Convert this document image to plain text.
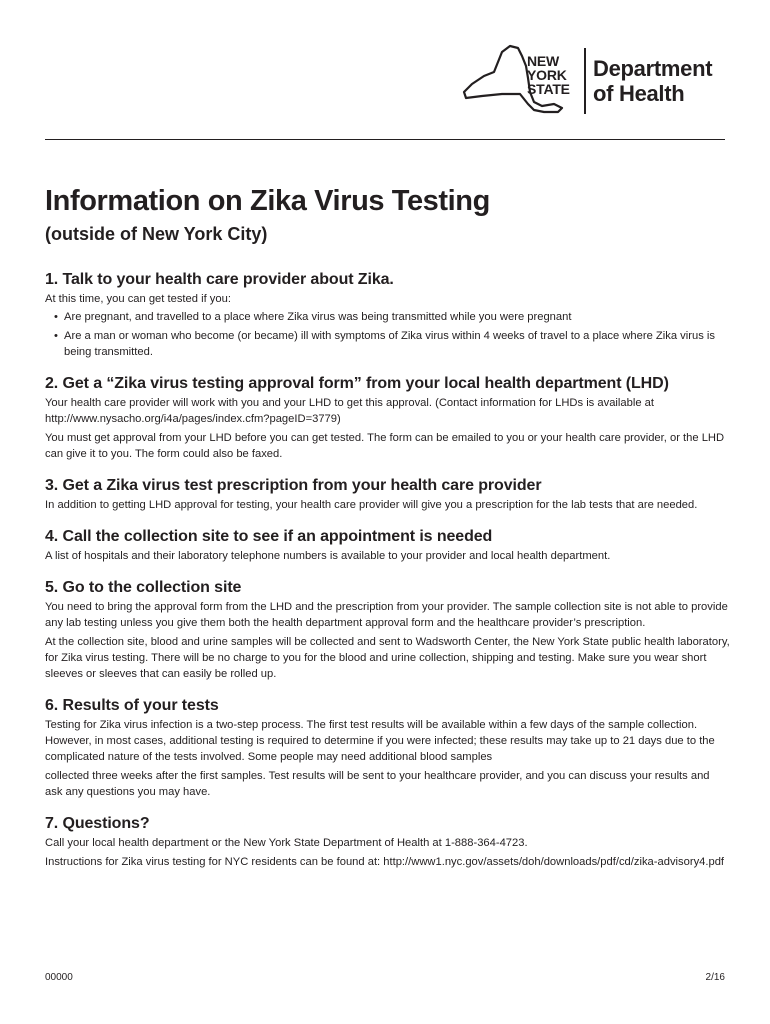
NEW
YORK
STATE
Department
of Health
Information on Zika Virus Testing
(outside of New York City)
1. Talk to your health care provider about Zika.
At this time, you can get tested if you:
• Are pregnant, and travelled to a place where Zika virus was being transmitted while you were pregnant
• Are a man or woman who become (or became) ill with symptoms of Zika virus within 4 weeks of travel to a place where Zika virus is being transmitted.
2. Get a “Zika virus testing approval form” from your local health department (LHD)
Your health care provider will work with you and your LHD to get this approval. (Contact information for LHDs is available at http://www.nysacho.org/i4a/pages/index.cfm?pageID=3779)
You must get approval from your LHD before you can get tested. The form can be emailed to you or your health care provider, or the LHD can give it to you. The form could also be faxed.
3. Get a Zika virus test prescription from your health care provider
In addition to getting LHD approval for testing, your health care provider will give you a prescription for the lab tests that are needed.
4. Call the collection site to see if an appointment is needed
A list of hospitals and their laboratory telephone numbers is available to your provider and local health department.
5. Go to the collection site
You need to bring the approval form from the LHD and the prescription from your provider. The sample collection site is not able to provide any lab testing unless you give them both the health department approval form and the healthcare provider’s prescription.
At the collection site, blood and urine samples will be collected and sent to Wadsworth Center, the New York State public health laboratory, for Zika virus testing. There will be no charge to you for the blood and urine collection, shipping and testing. Make sure you wear short sleeves or sleeves that can easily be rolled up.
6. Results of your tests
Testing for Zika virus infection is a two-step process. The first test results will be available within a few days of the sample collection. However, in most cases, additional testing is required to determine if you were infected; these results may take up to 21 days due to the complicated nature of the tests involved. Some people may need additional blood samples
collected three weeks after the first samples. Test results will be sent to your healthcare provider, and you can discuss your results and ask any questions you may have.
7. Questions?
Call your local health department or the New York State Department of Health at 1-888-364-4723.
Instructions for Zika virus testing for NYC residents can be found at: http://www1.nyc.gov/assets/doh/downloads/pdf/cd/zika-advisory4.pdf
00000	2/16
